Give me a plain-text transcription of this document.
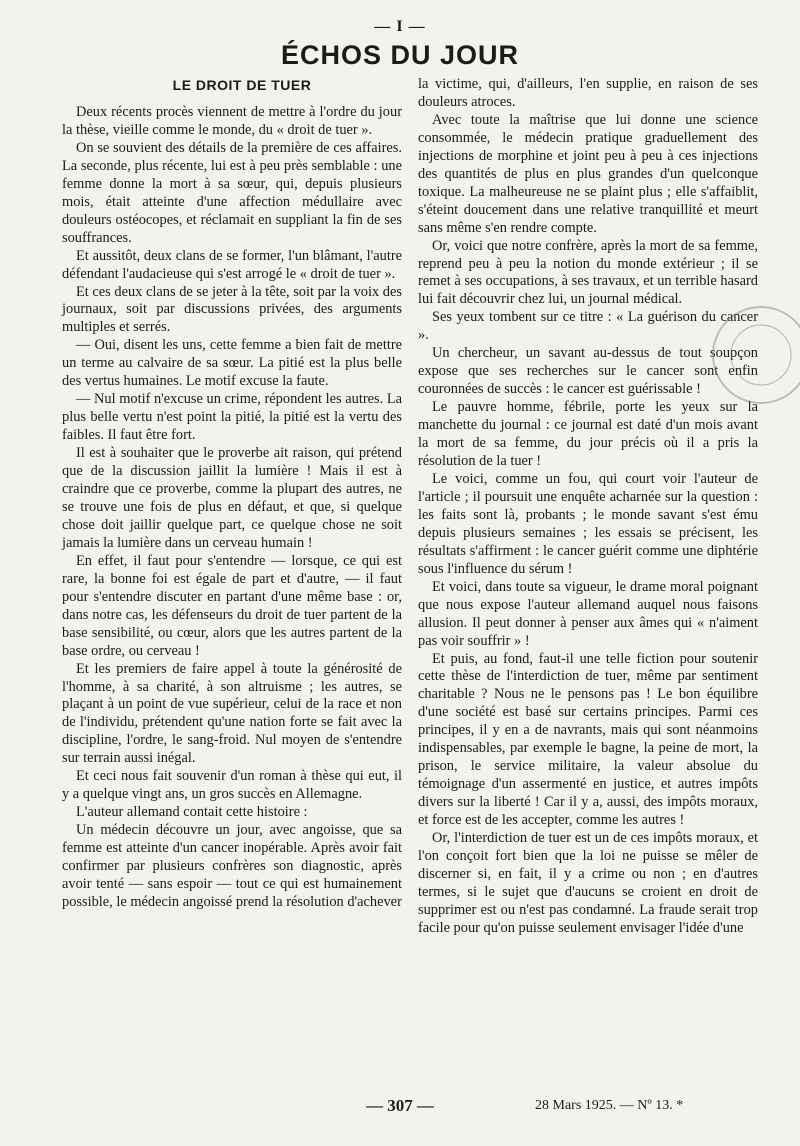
— I —
ÉCHOS DU JOUR
LE DROIT DE TUER

Deux récents procès viennent de mettre à l'ordre du jour la thèse, vieille comme le monde, du « droit de tuer ».

On se souvient des détails de la première de ces affaires. La seconde, plus récente, lui est à peu près semblable : une femme donne la mort à sa sœur, qui, depuis plusieurs mois, était atteinte d'une affection médullaire avec douleurs ostéocopes, et réclamait en suppliant la fin de ses souffrances.

Et aussitôt, deux clans de se former, l'un blâmant, l'autre défendant l'audacieuse qui s'est arrogé le « droit de tuer ».

Et ces deux clans de se jeter à la tête, soit par la voix des journaux, soit par discussions privées, des arguments multiples et serrés.

— Oui, disent les uns, cette femme a bien fait de mettre un terme au calvaire de sa sœur. La pitié est la plus belle des vertus humaines. Le motif excuse la faute.

— Nul motif n'excuse un crime, répondent les autres. La plus belle vertu n'est point la pitié, la pitié est la vertu des faibles. Il faut être fort.

Il est à souhaiter que le proverbe ait raison, qui prétend que de la discussion jaillit la lumière ! Mais il est à craindre que ce proverbe, comme la plupart des autres, ne se trouve une fois de plus en défaut, et que, si quelque chose doit jaillir quelque part, ce quelque chose ne soit jamais la lumière dans un cerveau humain !

En effet, il faut pour s'entendre — lorsque, ce qui est rare, la bonne foi est égale de part et d'autre, — il faut pour s'entendre discuter en partant d'une même base : or, dans notre cas, les défenseurs du droit de tuer partent de la base sensibilité, ou cœur, alors que les autres partent de la base ordre, ou cerveau !

Et les premiers de faire appel à toute la générosité de l'homme, à sa charité, à son altruisme ; les autres, se plaçant à un point de vue supérieur, celui de la race et non de l'individu, prétendent qu'une nation forte se fait avec la discipline, l'ordre, le sang-froid. Nul moyen de s'entendre sur terrain aussi inégal.

Et ceci nous fait souvenir d'un roman à thèse qui eut, il y a quelque vingt ans, un gros succès en Allemagne.

L'auteur allemand contait cette histoire :

Un médecin découvre un jour, avec angoisse, que sa femme est atteinte d'un cancer inopérable. Après avoir fait confirmer par plusieurs confrères son diagnostic, après avoir tenté — sans espoir — tout ce qui est humainement possible, le médecin angoissé prend la résolution d'achever

la victime, qui, d'ailleurs, l'en supplie, en raison de ses douleurs atroces.

Avec toute la maîtrise que lui donne une science consommée, le médecin pratique graduellement des injections de morphine et joint peu à peu à ces injections des quantités de plus en plus grandes d'un quelconque toxique. La malheureuse ne se plaint plus ; elle s'affaiblit, s'éteint doucement dans une relative tranquillité et meurt sans même s'en rendre compte.

Or, voici que notre confrère, après la mort de sa femme, reprend peu à peu la notion du monde extérieur ; il se remet à ses occupations, à ses travaux, et un terrible hasard lui fait découvrir chez lui, un journal médical.

Ses yeux tombent sur ce titre : « La guérison du cancer ».

Un chercheur, un savant au-dessus de tout soupçon expose que ses recherches sur le cancer sont enfin couronnées de succès : le cancer est guérissable !

Le pauvre homme, fébrile, porte les yeux sur la manchette du journal : ce journal est daté d'un mois avant la mort de sa femme, du jour précis où il a pris la résolution de la tuer !

Le voici, comme un fou, qui court voir l'auteur de l'article ; il poursuit une enquête acharnée sur la question : les faits sont là, probants ; le monde savant s'est ému depuis plusieurs semaines ; les essais se précisent, les résultats s'affirment : le cancer guérit comme une diphtérie sous l'influence du sérum !

Et voici, dans toute sa vigueur, le drame moral poignant que nous expose l'auteur allemand auquel nous faisons allusion. Il peut donner à penser aux âmes qui « n'aiment pas voir souffrir » !

Et puis, au fond, faut-il une telle fiction pour soutenir cette thèse de l'interdiction de tuer, même par sentiment charitable ? Nous ne le pensons pas ! Le bon équilibre d'une société est basé sur certains principes. Parmi ces principes, il y en a de navrants, mais qui sont néanmoins indispensables, par exemple le bagne, la peine de mort, la prison, le service militaire, la valeur absolue du témoignage d'un assermenté en justice, et autres impôts divers sur la liberté ! Car il y a, aussi, des impôts moraux, et force est de les accepter, comme les autres !

Or, l'interdiction de tuer est un de ces impôts moraux, et l'on conçoit fort bien que la loi ne puisse se mêler de discerner si, en fait, il y a crime ou non ; en d'autres termes, si le sujet que d'aucuns se croient en droit de supprimer est ou n'est pas condamné. La fraude serait trop facile pour qu'on puisse seulement envisager l'idée d'une

— 307 —	28 Mars 1925. — Nº 13. *
